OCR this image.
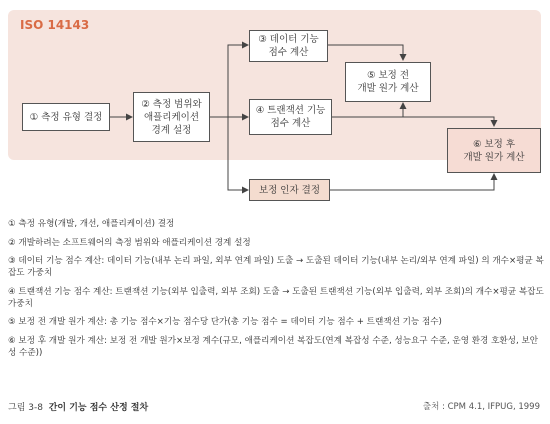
ISO 14143
① 측정 유형 결정
② 측정 범위와
애플리케이션
경계 설정
③ 데이터 기능
점수 계산
④ 트랜잭션 기능
점수 계산
⑤ 보정 전
개발 원가 계산
⑥ 보정 후
개발 원가 계산
보정 인자 결정
① 측정 유형(개발, 개선, 애플리케이션) 결정
② 개발하려는 소프트웨어의 측정 범위와 애플리케이션 경계 설정
③ 데이터 기능 점수 계산: 데이터 기능(내부 논리 파일, 외부 연계 파일) 도출 → 도출된 데이터 기능(내부 논리/외부 연계 파일) 의 개수×평균 복잡도 가중치
④ 트랜잭션 기능 점수 계산: 트랜잭션 기능(외부 입출력, 외부 조회) 도출 → 도출된 트랜잭션 기능(외부 입출력, 외부 조회)의 개수×평균 복잡도 가중치
⑤ 보정 전 개발 원가 계산: 총 기능 점수×기능 점수당 단가(총 기능 점수 = 데이터 기능 점수 + 트랜잭션 기능 점수)
⑥ 보정 후 개발 원가 계산: 보정 전 개발 원가×보정 계수(규모, 애플리케이션 복잡도(연계 복잡성 수준, 성능요구 수준, 운영 환경 호환성, 보안성 수준))
그림 3-8 간이 기능 점수 산정 절차	출처 : CPM 4.1, IFPUG, 1999
